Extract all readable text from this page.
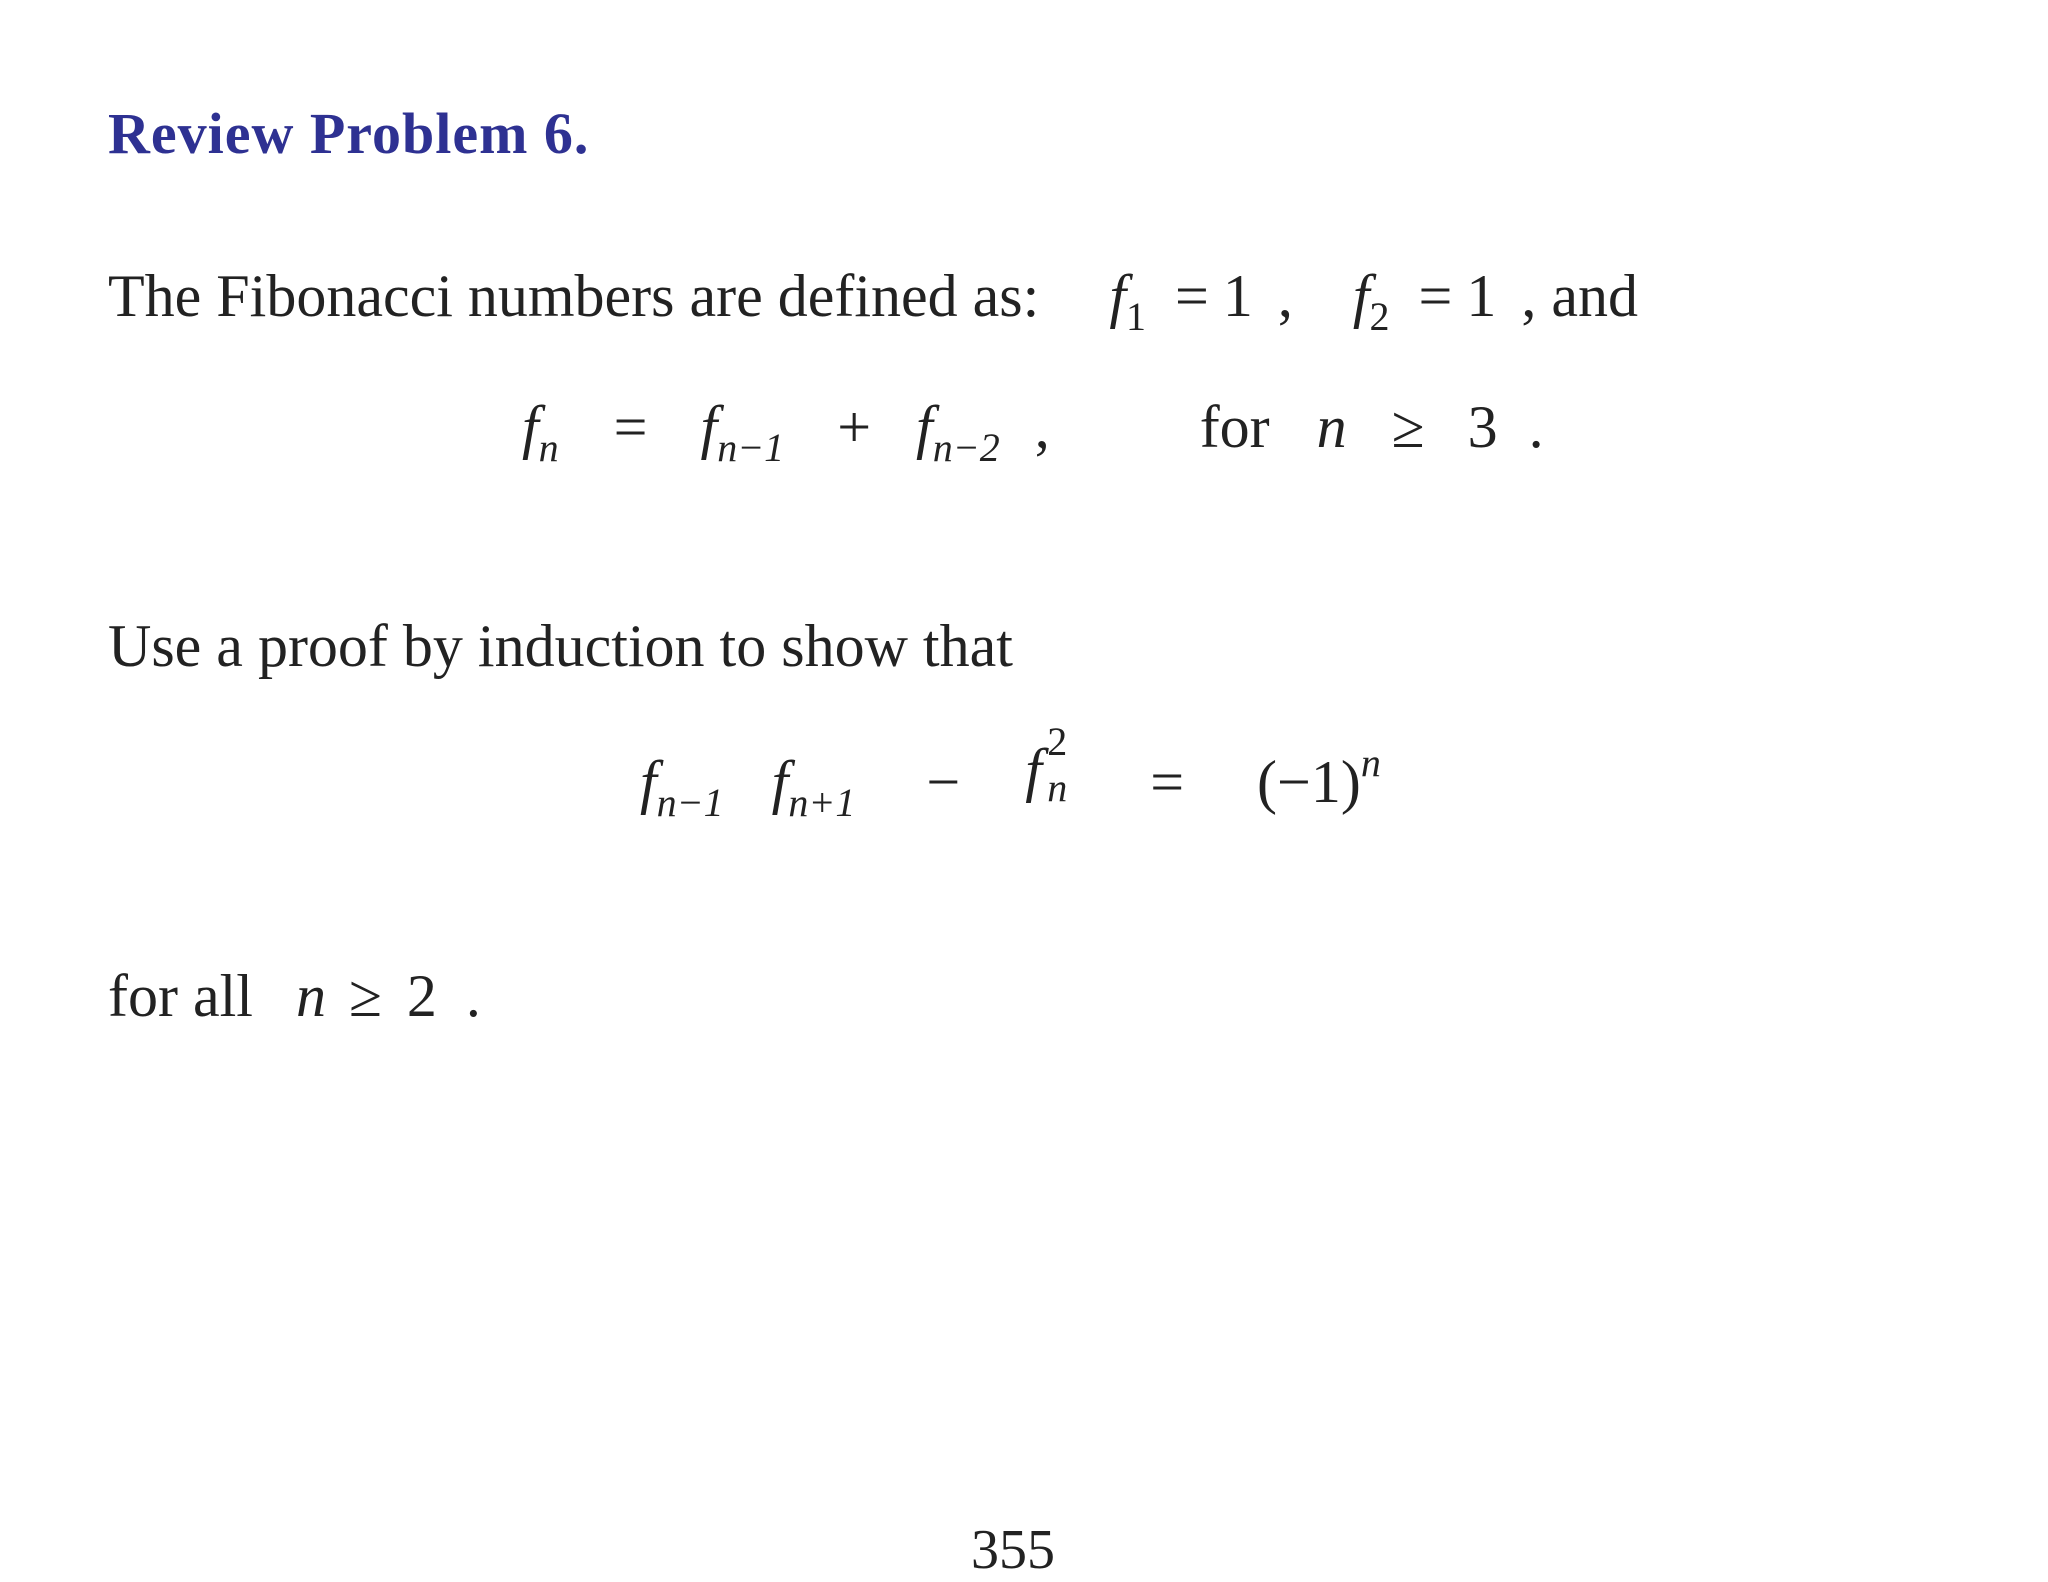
Review Problem 6.
The Fibonacci numbers are defined as: $f_1 = 1$ , $f_2 = 1$ , and
$f_n = f_{n-1} + f_{n-2}$ ,	for n ≥ 3 .
Use a proof by induction to show that
$f_{n-1}$ $f_{n+1} - f$ 2
$n = (-1)^n$
for all n ≥ 2 .
355
